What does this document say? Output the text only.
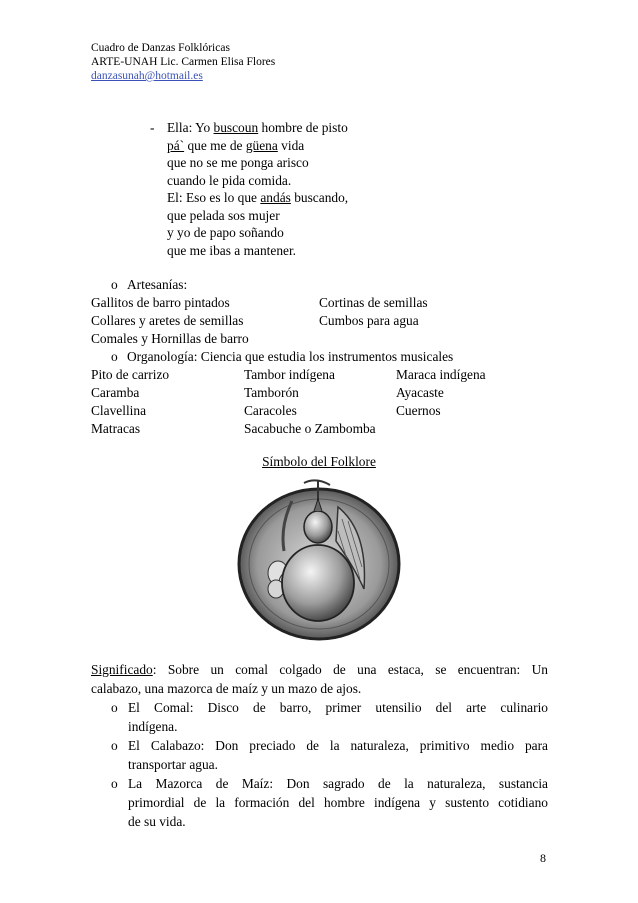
Cuadro de Danzas Folklóricas
ARTE-UNAH Lic. Carmen Elisa Flores
danzasunah@hotmail.es
- Ella: Yo buscoun hombre de pisto
pá` que me de güena vida
que no se me ponga arisco
cuando le pida comida.
El: Eso es lo que andás buscando,
que pelada sos mujer
y yo de papo soñando
que me ibas a mantener.
o Artesanías:
Gallitos de barro pintados	Cortinas de semillas
Collares y aretes de semillas	Cumbos para agua
Comales y Hornillas de barro
o Organología: Ciencia que estudia los instrumentos musicales
Pito de carrizo	Tambor indígena	Maraca indígena
Caramba	Tamborón	Ayacaste
Clavellina	Caracoles	Cuernos
Matracas	Sacabuche o Zambomba
Símbolo del Folklore
Significado: Sobre un comal colgado de una estaca, se encuentran: Un
calabazo, una mazorca de maíz y un mazo de ajos.
o El Comal: Disco de barro, primer utensilio del arte culinario
indígena.
o El Calabazo: Don preciado de la naturaleza, primitivo medio para
transportar agua.
o La Mazorca de Maíz: Don sagrado de la naturaleza, sustancia
primordial de la formación del hombre indígena y sustento cotidiano
de su vida.
8
